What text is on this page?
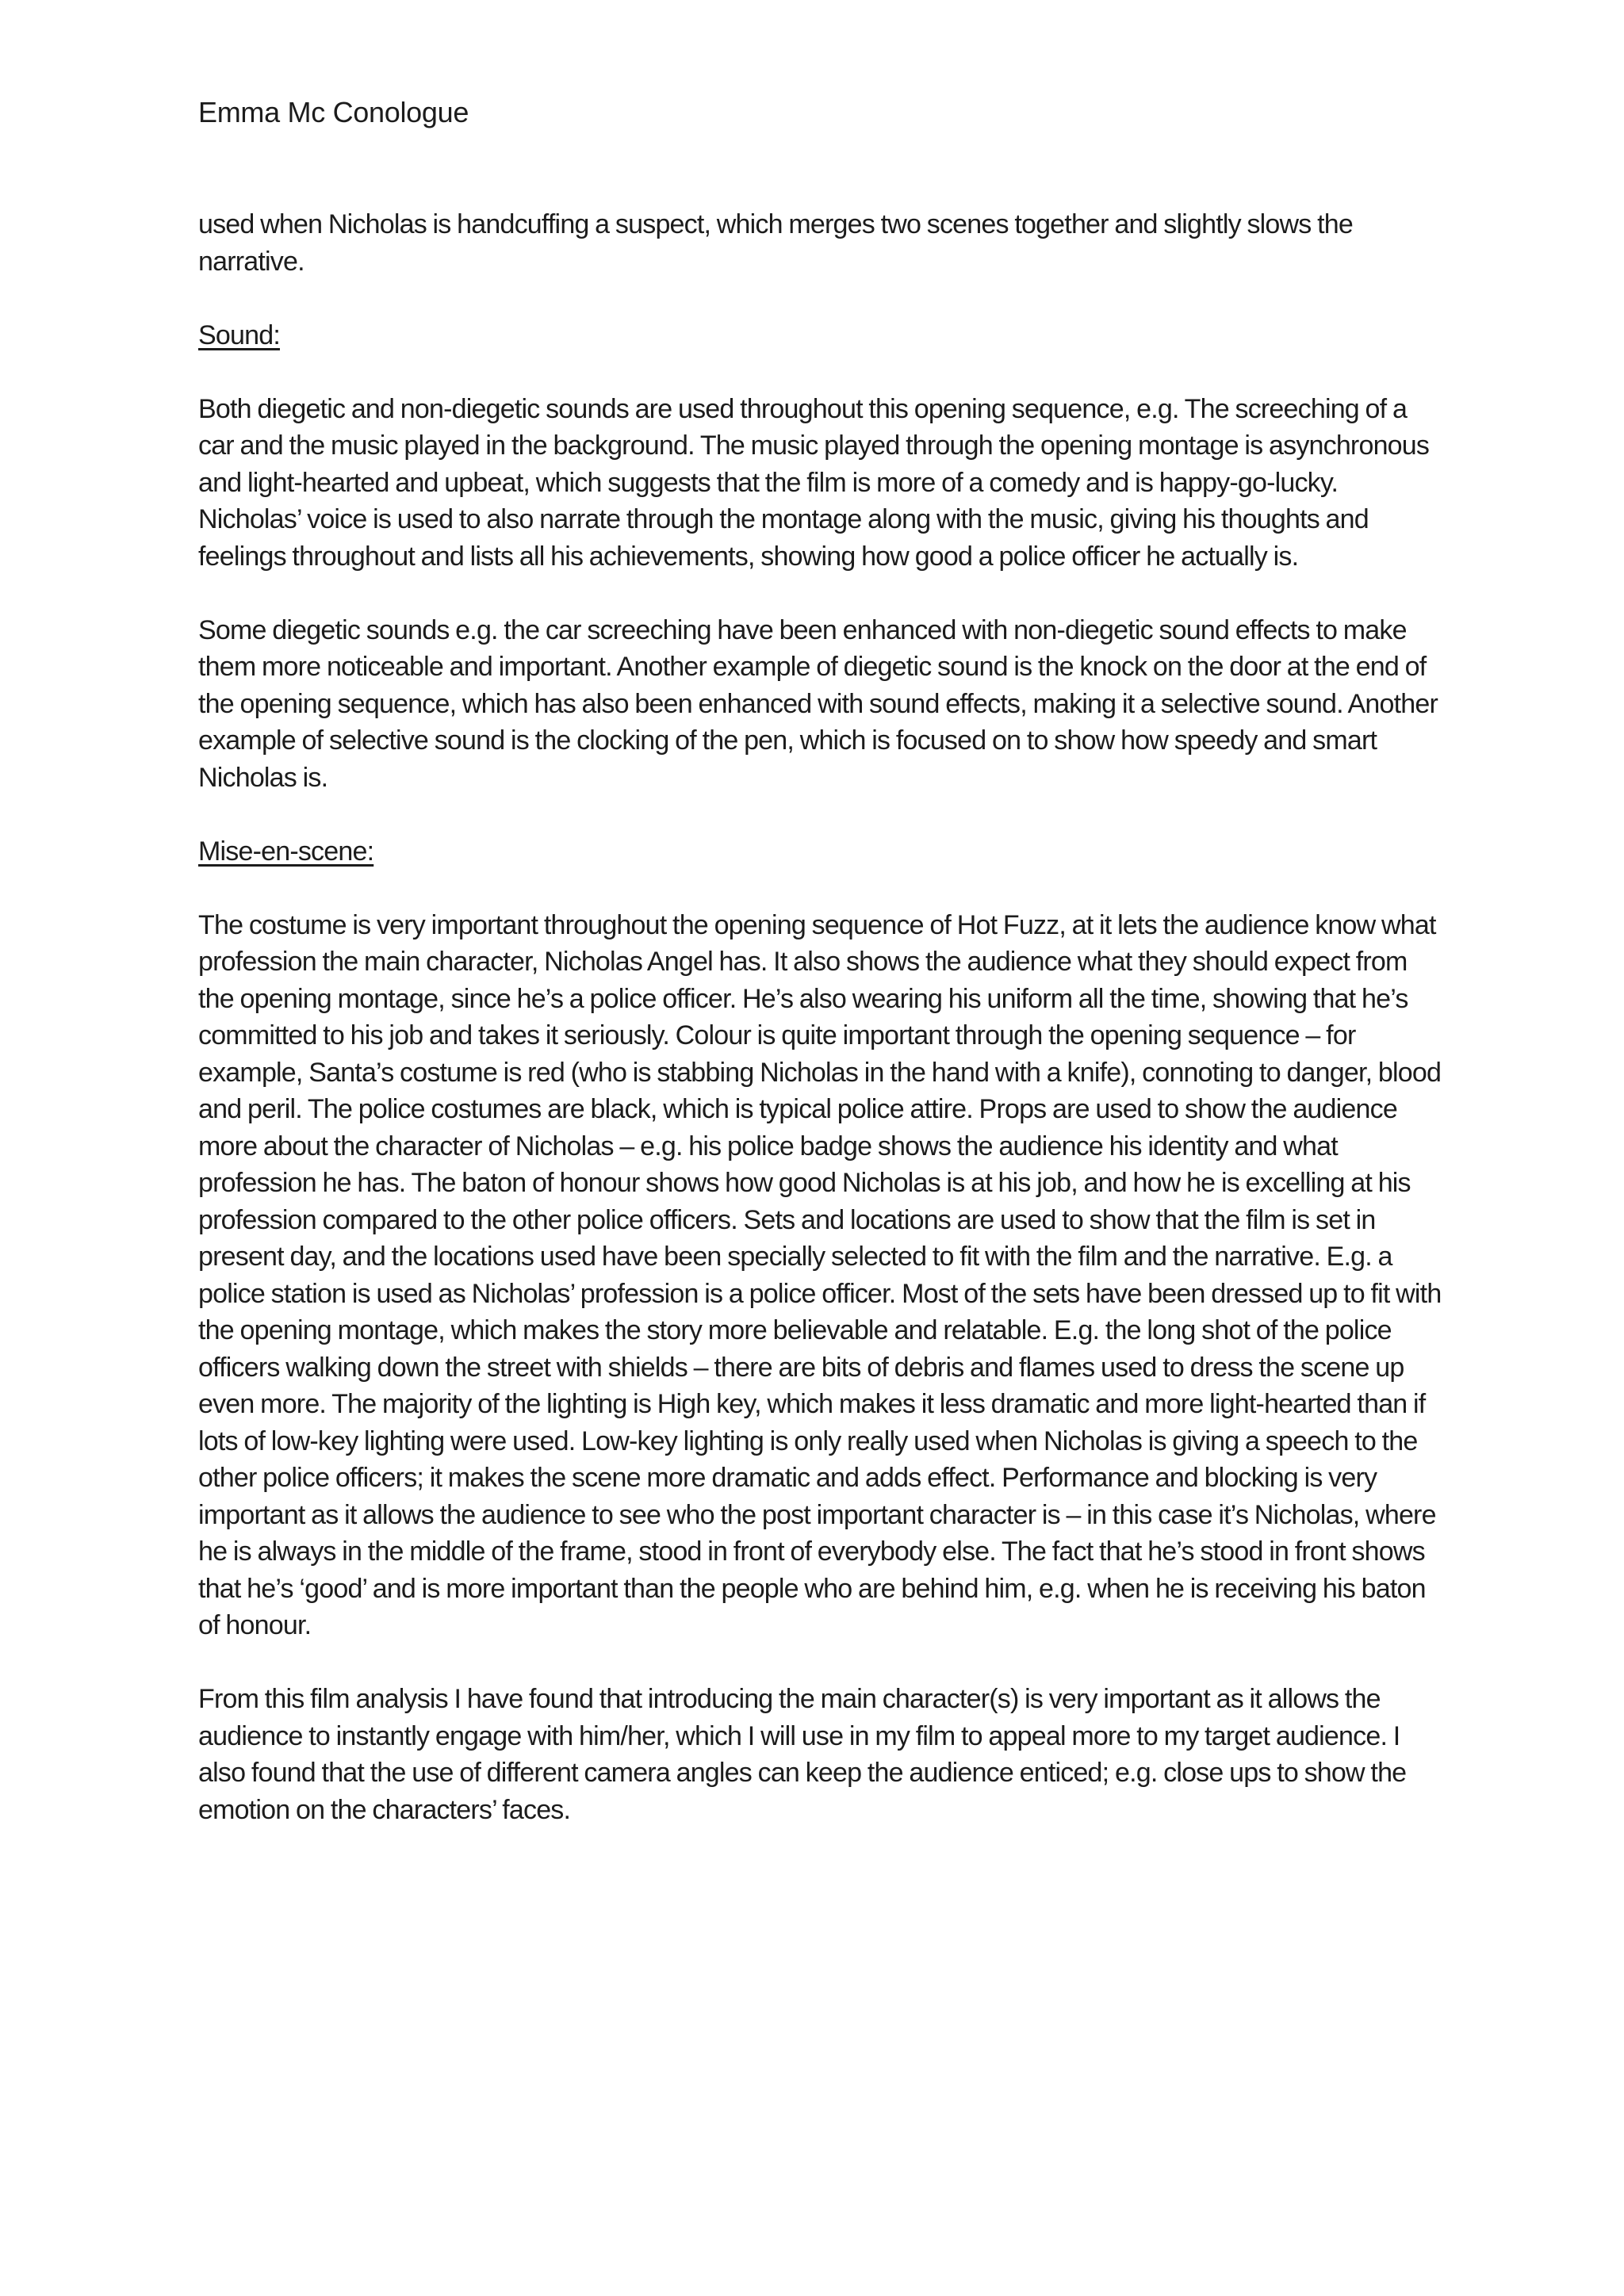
Emma Mc Conologue

used when Nicholas is handcuffing a suspect, which merges two scenes together and slightly slows the narrative.

Sound:

Both diegetic and non-diegetic sounds are used throughout this opening sequence, e.g. The screeching of a car and the music played in the background. The music played through the opening montage is asynchronous and light-hearted and upbeat, which suggests that the film is more of a comedy and is happy-go-lucky. Nicholas’ voice is used to also narrate through the montage along with the music, giving his thoughts and feelings throughout and lists all his achievements, showing how good a police officer he actually is.

Some diegetic sounds e.g. the car screeching have been enhanced with non-diegetic sound effects to make them more noticeable and important. Another example of diegetic sound is the knock on the door at the end of the opening sequence, which has also been enhanced with sound effects, making it a selective sound. Another example of selective sound is the clocking of the pen, which is focused on to show how speedy and smart Nicholas is.

Mise-en-scene:

The costume is very important throughout the opening sequence of Hot Fuzz, at it lets the audience know what profession the main character, Nicholas Angel has. It also shows the audience what they should expect from the opening montage, since he’s a police officer. He’s also wearing his uniform all the time, showing that he’s committed to his job and takes it seriously. Colour is quite important through the opening sequence – for example, Santa’s costume is red (who is stabbing Nicholas in the hand with a knife), connoting to danger, blood and peril. The police costumes are black, which is typical police attire. Props are used to show the audience more about the character of Nicholas – e.g. his police badge shows the audience his identity and what profession he has. The baton of honour shows how good Nicholas is at his job, and how he is excelling at his profession compared to the other police officers. Sets and locations are used to show that the film is set in present day, and the locations used have been specially selected to fit with the film and the narrative. E.g. a police station is used as Nicholas’ profession is a police officer. Most of the sets have been dressed up to fit with the opening montage, which makes the story more believable and relatable. E.g. the long shot of the police officers walking down the street with shields – there are bits of debris and flames used to dress the scene up even more. The majority of the lighting is High key, which makes it less dramatic and more light-hearted than if lots of low-key lighting were used. Low-key lighting is only really used when Nicholas is giving a speech to the other police officers; it makes the scene more dramatic and adds effect. Performance and blocking is very important as it allows the audience to see who the post important character is – in this case it’s Nicholas, where he is always in the middle of the frame, stood in front of everybody else. The fact that he’s stood in front shows that he’s ‘good’ and is more important than the people who are behind him, e.g. when he is receiving his baton of honour.

From this film analysis I have found that introducing the main character(s) is very important as it allows the audience to instantly engage with him/her, which I will use in my film to appeal more to my target audience. I also found that the use of different camera angles can keep the audience enticed; e.g. close ups to show the emotion on the characters’ faces.
